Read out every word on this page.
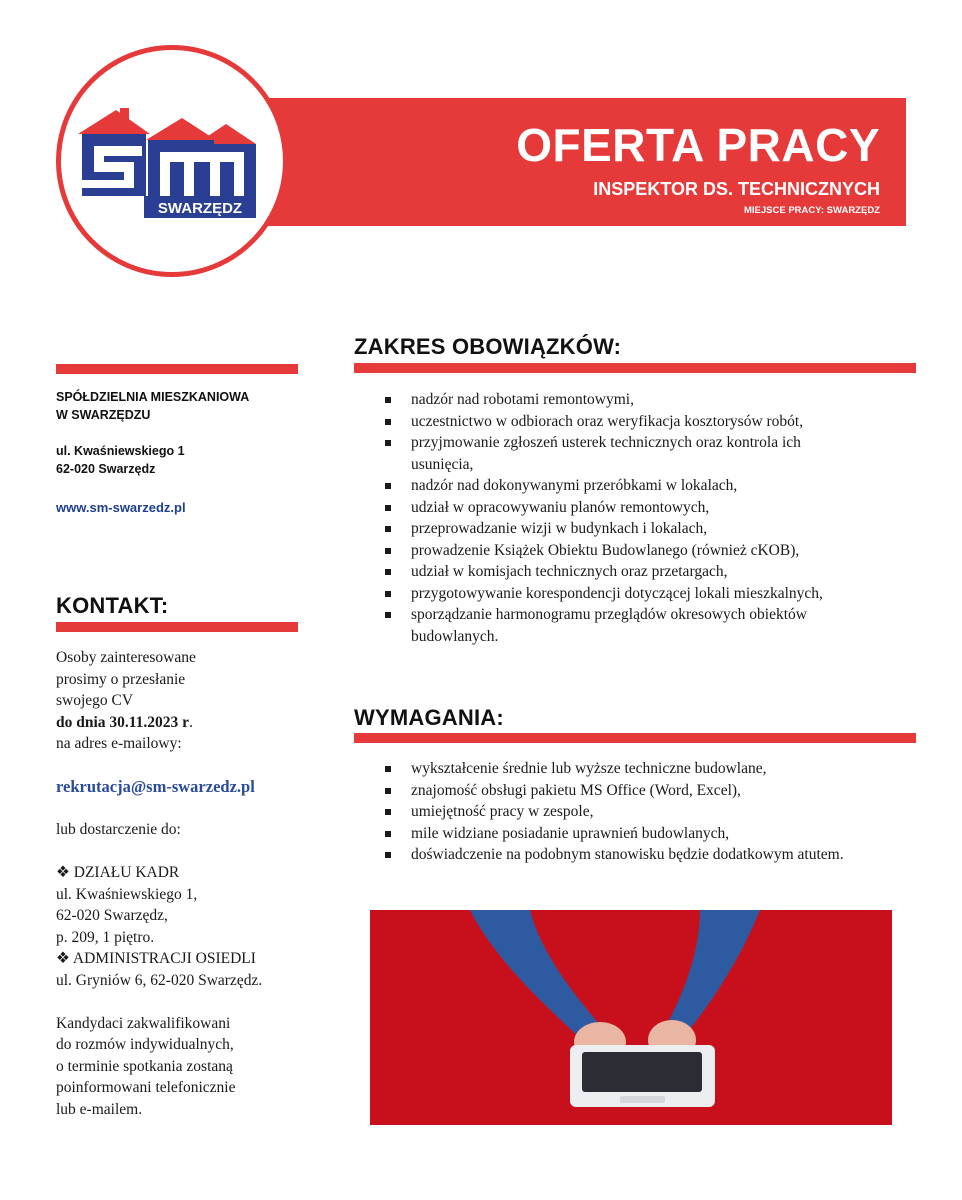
OFERTA PRACY
INSPEKTOR DS. TECHNICZNYCH
MIEJSCE PRACY: SWARZĘDZ
SWARZĘDZ
SPÓŁDZIELNIA MIESZKANIOWA
W SWARZĘDZU
ul. Kwaśniewskiego 1
62-020 Swarzędz
www.sm-swarzedz.pl
KONTAKT:

Osoby zainteresowane

prosimy o przesłanie

swojego CV

do dnia 30.11.2023 r.

na adres e-mailowy:

rekrutacja@sm-swarzedz.pl

lub dostarczenie do:

❖ DZIAŁU KADR

ul. Kwaśniewskiego 1,

62-020 Swarzędz,

p. 209, 1 piętro.

❖ ADMINISTRACJI OSIEDLI

ul. Gryniów 6, 62-020 Swarzędz.

Kandydaci zakwalifikowani

do rozmów indywidualnych,

o terminie spotkania zostaną

poinformowani telefonicznie

lub e-mailem.

ZAKRES OBOWIĄZKÓW:
nadzór nad robotami remontowymi,
uczestnictwo w odbiorach oraz weryfikacja kosztorysów robót,
przyjmowanie zgłoszeń usterek technicznych oraz kontrola ich usunięcia,
nadzór nad dokonywanymi przeróbkami w lokalach,
udział w opracowywaniu planów remontowych,
przeprowadzanie wizji w budynkach i lokalach,
prowadzenie Książek Obiektu Budowlanego (również cKOB),
udział w komisjach technicznych oraz przetargach,
przygotowywanie korespondencji dotyczącej lokali mieszkalnych,
sporządzanie harmonogramu przeglądów okresowych obiektów budowlanych.
WYMAGANIA:
wykształcenie średnie lub wyższe techniczne budowlane,
znajomość obsługi pakietu MS Office (Word, Excel),
umiejętność pracy w zespole,
mile widziane posiadanie uprawnień budowlanych,
doświadczenie na podobnym stanowisku będzie dodatkowym atutem.
